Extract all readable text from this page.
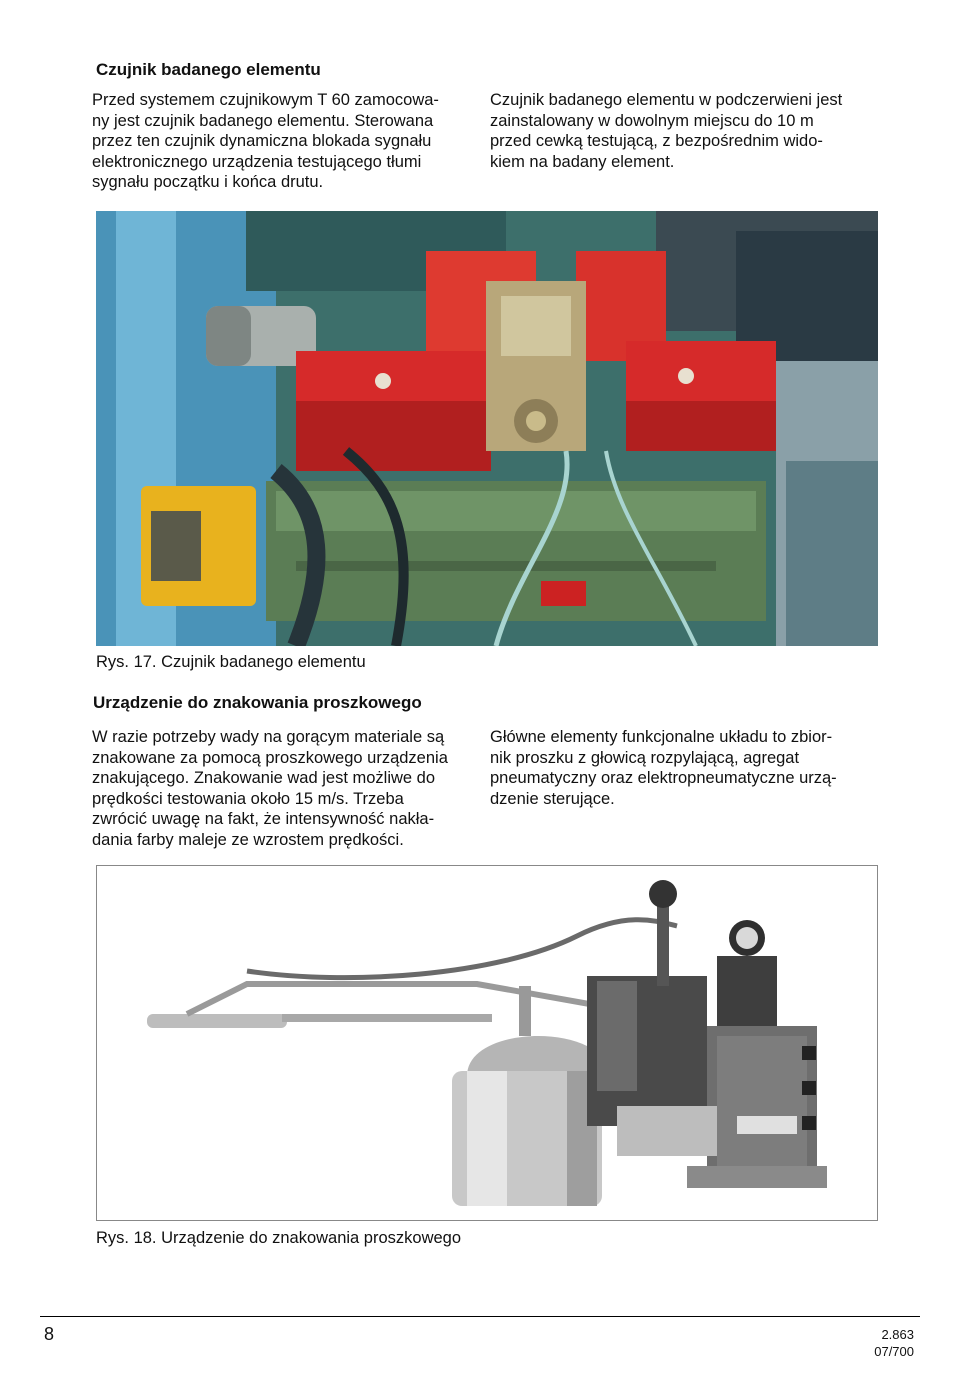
Czujnik badanego elementu
Przed systemem czujnikowym T 60 zamocowa-
ny jest czujnik badanego elementu. Sterowana
przez ten czujnik dynamiczna blokada sygnału
elektronicznego urządzenia testującego tłumi
sygnału początku i końca drutu.
Czujnik badanego elementu w podczerwieni jest
zainstalowany w dowolnym miejscu do 10 m
przed cewką testującą, z bezpośrednim wido-
kiem na badany element.
Rys. 17. Czujnik badanego elementu
Urządzenie do znakowania proszkowego
W razie potrzeby wady na gorącym materiale są
znakowane za pomocą proszkowego urządzenia
znakującego. Znakowanie wad jest możliwe do
prędkości testowania około 15 m/s. Trzeba
zwrócić uwagę na fakt, że intensywność nakła-
dania farby maleje ze wzrostem prędkości.
Główne elementy funkcjonalne układu to zbior-
nik proszku z głowicą rozpylającą, agregat
pneumatyczny oraz elektropneumatyczne urzą-
dzenie sterujące.
Rys. 18. Urządzenie do znakowania proszkowego
8	2.863
07/700
